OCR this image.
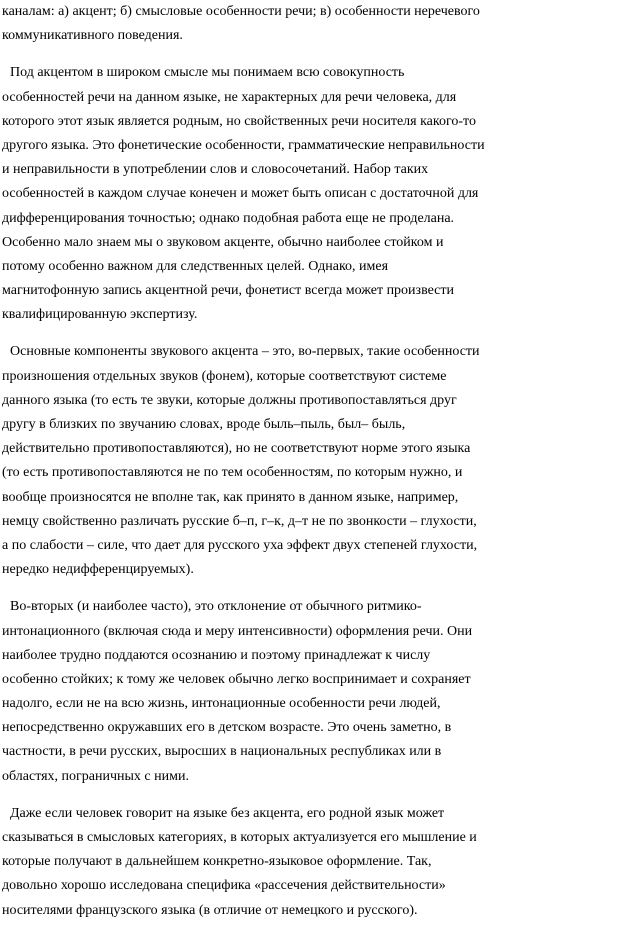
каналам: а) акцент; б) смысловые особенности речи; в) особенности неречевого
коммуникативного поведения.
Под акцентом в широком смысле мы понимаем всю совокупность
особенностей речи на данном языке, не характерных для речи человека, для
которого этот язык является родным, но свойственных речи носителя какого-то
другого языка. Это фонетические особенности, грамматические неправильности
и неправильности в употреблении слов и словосочетаний. Набор таких
особенностей в каждом случае конечен и может быть описан с достаточной для
дифференцирования точностью; однако подобная работа еще не проделана.
Особенно мало знаем мы о звуковом акценте, обычно наиболее стойком и
потому особенно важном для следственных целей. Однако, имея
магнитофонную запись акцентной речи, фонетист всегда может произвести
квалифицированную экспертизу.
Основные компоненты звукового акцента – это, во-первых, такие особенности
произношения отдельных звуков (фонем), которые соответствуют системе
данного языка (то есть те звуки, которые должны противопоставляться друг
другу в близких по звучанию словах, вроде быль–пыль, был– быль,
действительно противопоставляются), но не соответствуют норме этого языка
(то есть противопоставляются не по тем особенностям, по которым нужно, и
вообще произносятся не вполне так, как принято в данном языке, например,
немцу свойственно различать русские б–п, г–к, д–т не по звонкости – глухости,
а по слабости – силе, что дает для русского уха эффект двух степеней глухости,
нередко недифференцируемых).
Во-вторых (и наиболее часто), это отклонение от обычного ритмико-
интонационного (включая сюда и меру интенсивности) оформления речи. Они
наиболее трудно поддаются осознанию и поэтому принадлежат к числу
особенно стойких; к тому же человек обычно легко воспринимает и сохраняет
надолго, если не на всю жизнь, интонационные особенности речи людей,
непосредственно окружавших его в детском возрасте. Это очень заметно, в
частности, в речи русских, выросших в национальных республиках или в
областях, пограничных с ними.
Даже если человек говорит на языке без акцента, его родной язык может
сказываться в смысловых категориях, в которых актуализуется его мышление и
которые получают в дальнейшем конкретно-языковое оформление. Так,
довольно хорошо исследована специфика «рассечения действительности»
носителями французского языка (в отличие от немецкого и русского).
